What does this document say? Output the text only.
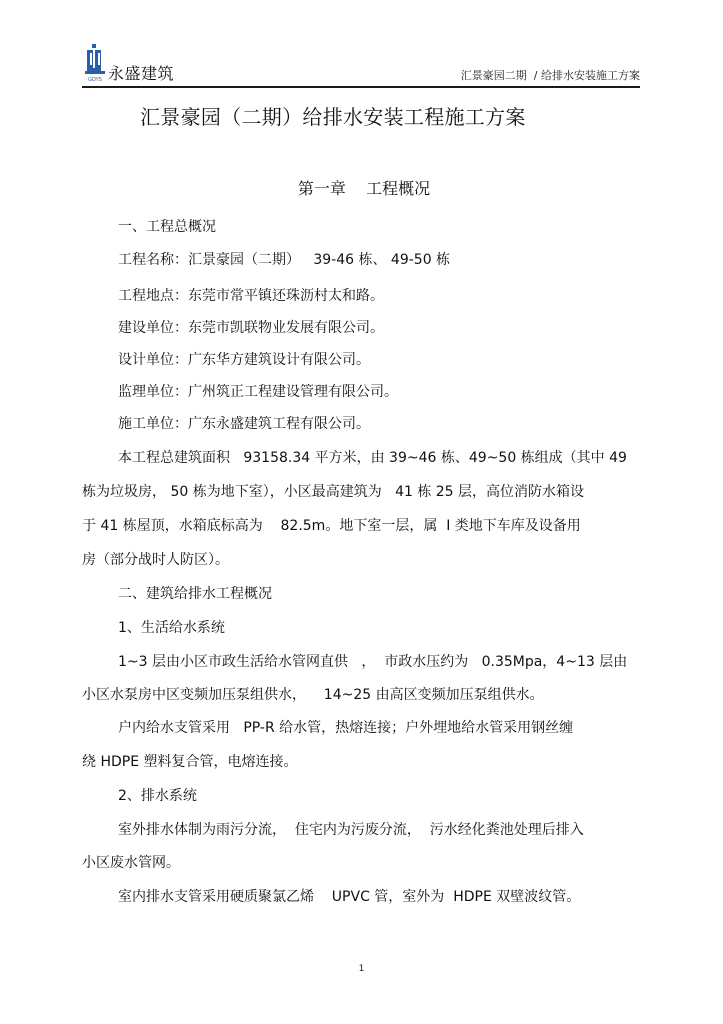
GDYS 永盛建筑	汇景豪园二期  / 给排水安装施工方案
汇景豪园（二期）给排水安装工程施工方案
第一章    工程概况
一、工程总概况
工程名称：汇景豪园（二期）   39-46 栋、 49-50 栋
工程地点：东莞市常平镇还珠沥村太和路。
建设单位：东莞市凯联物业发展有限公司。
设计单位：广东华方建筑设计有限公司。
监理单位：广州筑正工程建设管理有限公司。
施工单位：广东永盛建筑工程有限公司。
本工程总建筑面积   93158.34 平方米，由 39~46 栋、49~50 栋组成（其中 49
栋为垃圾房， 50 栋为地下室），小区最高建筑为   41 栋 25 层，高位消防水箱设
于 41 栋屋顶，水箱底标高为    82.5m。地下室一层，属  Ⅰ 类地下车库及设备用
房（部分战时人防区）。
二、建筑给排水工程概况
1、生活给水系统
1~3 层由小区市政生活给水管网直供   ，  市政水压约为   0.35Mpa，4~13 层由
小区水泵房中区变频加压泵组供水，    14~25 由高区变频加压泵组供水。
户内给水支管采用   PP-R 给水管，热熔连接；户外埋地给水管采用钢丝缠
绕 HDPE 塑料复合管，电熔连接。
2、排水系统
室外排水体制为雨污分流，  住宅内为污废分流，  污水经化粪池处理后排入
小区废水管网。
室内排水支管采用硬质聚氯乙烯    UPVC 管，室外为  HDPE 双壁波纹管。
1
